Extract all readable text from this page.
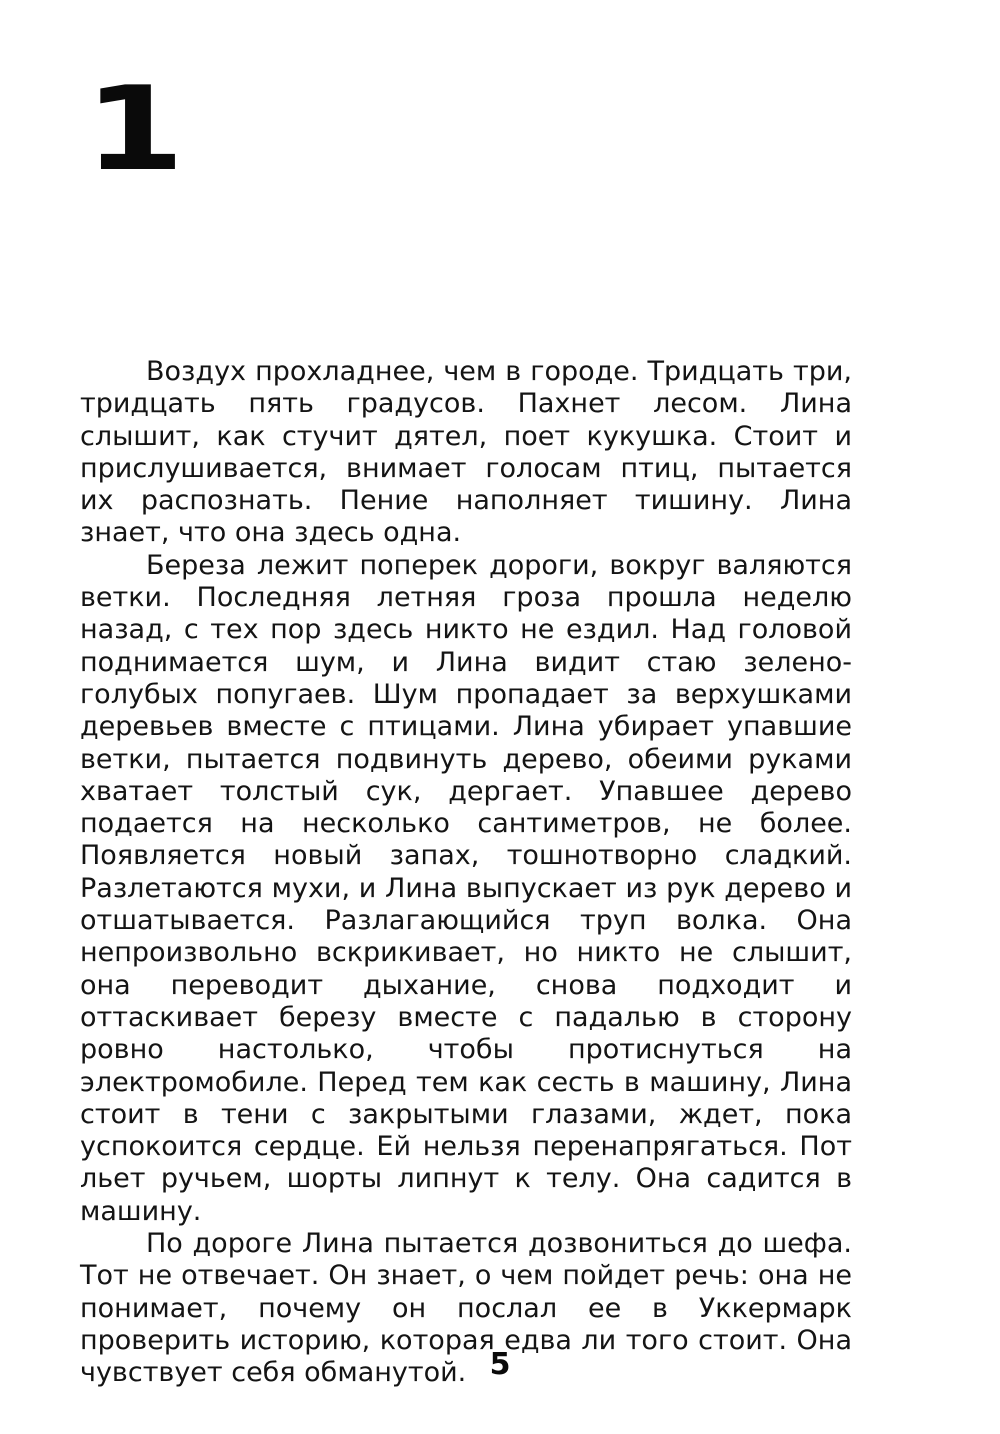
1

Воздух прохладнее, чем в городе. Тридцать три, тридцать пять градусов. Пахнет лесом. Лина слышит, как стучит дятел, поет кукушка. Стоит и прислушивается, внимает голосам птиц, пытается их распознать. Пение наполняет тишину. Лина знает, что она здесь одна.

Береза лежит поперек дороги, вокруг валяются ветки. Последняя летняя гроза прошла неделю назад, с тех пор здесь никто не ездил. Над головой поднимается шум, и Лина видит стаю зелено-голубых попугаев. Шум пропадает за верхушками деревьев вместе с птицами. Лина убирает упавшие ветки, пытается подвинуть дерево, обеими руками хватает толстый сук, дергает. Упавшее дерево подается на несколько сантиметров, не более. Появляется новый запах, тошнотворно сладкий. Разлетаются мухи, и Лина выпускает из рук дерево и отшатывается. Разлагающийся труп волка. Она непроизвольно вскрикивает, но никто не слышит, она переводит дыхание, снова подходит и оттаскивает березу вместе с падалью в сторону ровно настолько, чтобы протиснуться на электромобиле. Перед тем как сесть в машину, Лина стоит в тени с закрытыми глазами, ждет, пока успокоится сердце. Ей нельзя перенапрягаться. Пот льет ручьем, шорты липнут к телу. Она садится в машину.

По дороге Лина пытается дозвониться до шефа. Тот не отвечает. Он знает, о чем пойдет речь: она не понимает, почему он послал ее в Уккермарк проверить историю, которая едва ли того стоит. Она чувствует себя обманутой. 5
